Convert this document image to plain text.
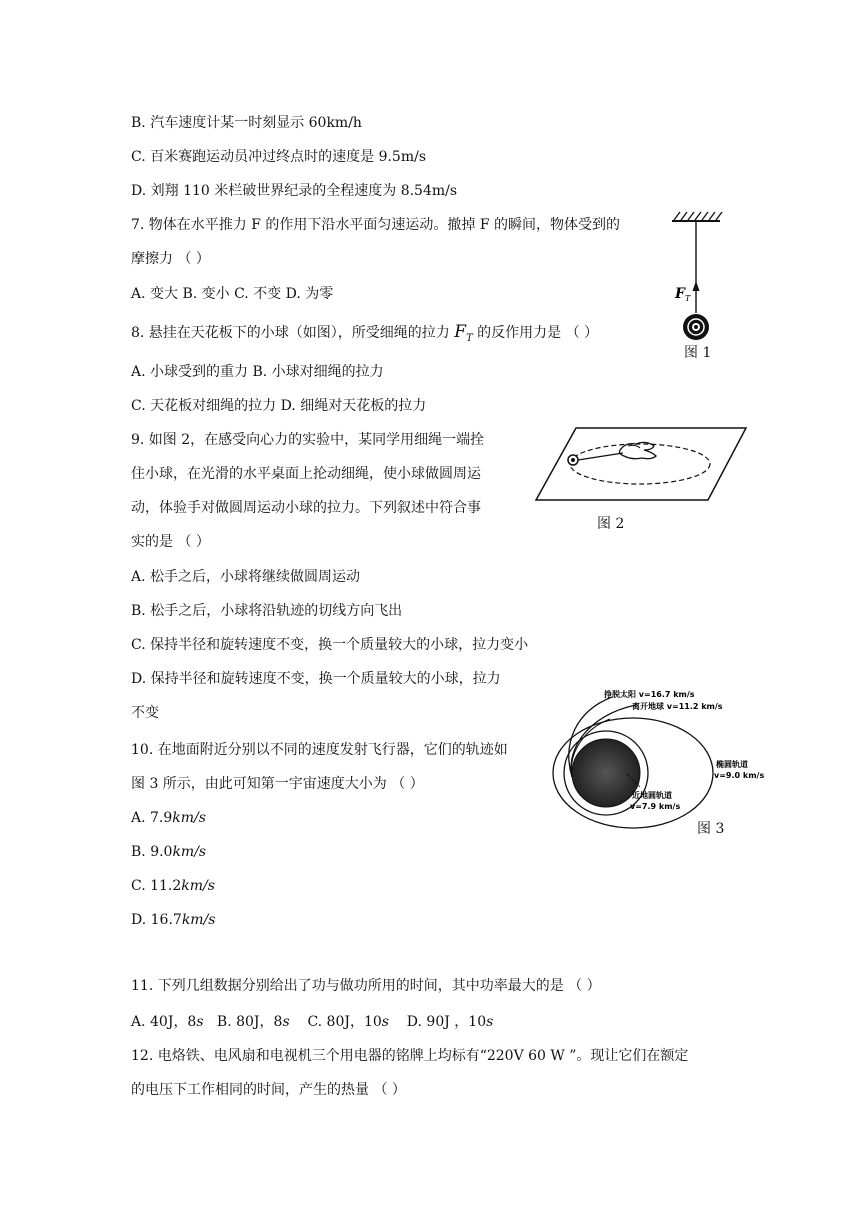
B. 汽车速度计某一时刻显示 60km/h
C. 百米赛跑运动员冲过终点时的速度是 9.5m/s
D. 刘翔 110 米栏破世界纪录的全程速度为 8.54m/s
7. 物体在水平推力 F 的作用下沿水平面匀速运动。撤掉 F 的瞬间，物体受到的
摩擦力 （ ）
A. 变大 B. 变小 C. 不变 D. 为零
8. 悬挂在天花板下的小球（如图），所受细绳的拉力 $F_T$ 的反作用力是 （ ）
A. 小球受到的重力 B. 小球对细绳的拉力
C. 天花板对细绳的拉力 D. 细绳对天花板的拉力
F T
图 1
9. 如图 2，在感受向心力的实验中，某同学用细绳一端拴
住小球，在光滑的水平桌面上抡动细绳，使小球做圆周运
动，体验手对做圆周运动小球的拉力。下列叙述中符合事
实的是 （ ）
A. 松手之后，小球将继续做圆周运动
B. 松手之后，小球将沿轨迹的切线方向飞出
C. 保持半径和旋转速度不变，换一个质量较大的小球，拉力变小
D. 保持半径和旋转速度不变，换一个质量较大的小球，拉力
不变
图 2
10. 在地面附近分别以不同的速度发射飞行器，它们的轨迹如
图 3 所示，由此可知第一宇宙速度大小为 （ ）
A. 7.9km/s
B. 9.0km/s
C. 11.2km/s
D. 16.7km/s
挣脱太阳 v=16.7 km/s
离开地球 v=11.2 km/s
椭圆轨道
v=9.0 km/s
近地圆轨道
v=7.9 km/s
图 3
11. 下列几组数据分别给出了功与做功所用的时间，其中功率最大的是 （ ）
A. 40J，8s B. 80J，8s C. 80J，10s D. 90J ，10s
12. 电烙铁、电风扇和电视机三个用电器的铭牌上均标有“220V 60 W ”。现让它们在额定
的电压下工作相同的时间，产生的热量 （ ）
